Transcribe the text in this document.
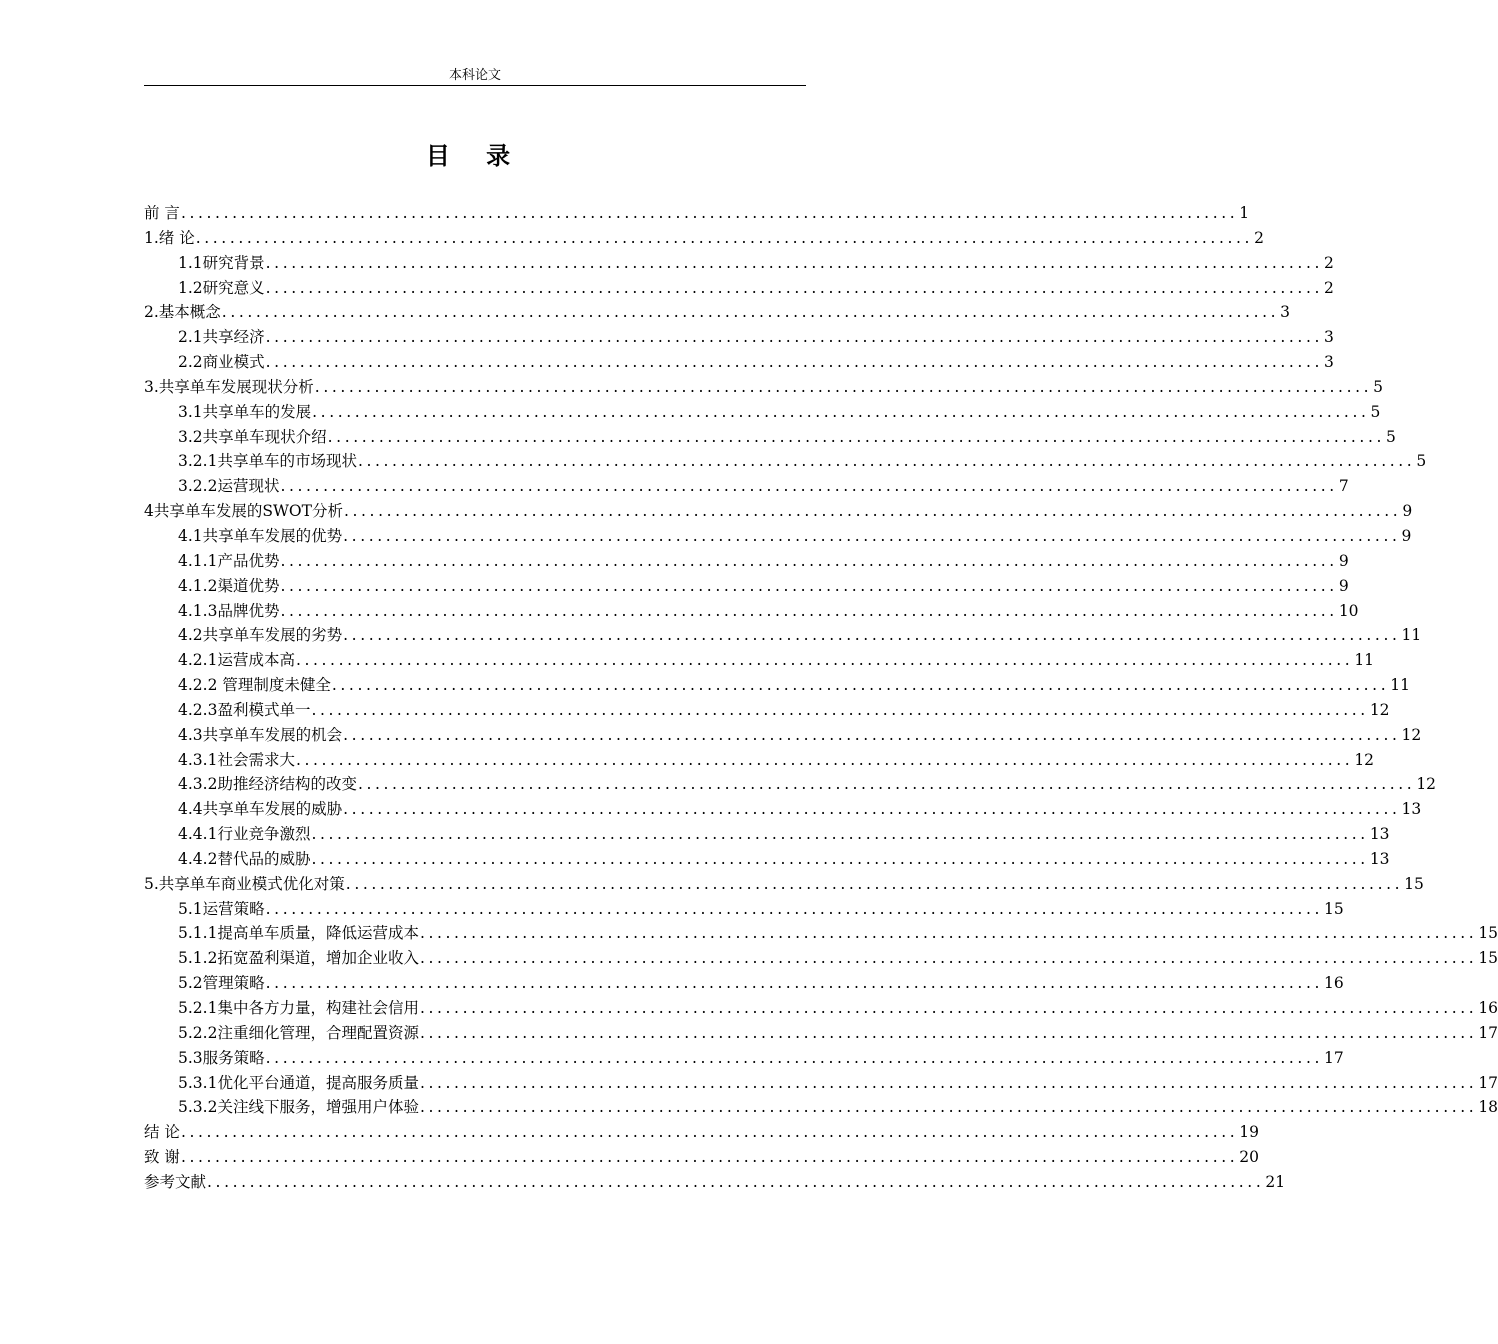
本科论文
目 录
前 言 ............................................................................................................................ 1
1.绪 论 ............................................................................................................................ 2
1.1研究背景 ............................................................................................................................ 2
1.2研究意义 ............................................................................................................................ 2
2.基本概念 ............................................................................................................................ 3
2.1共享经济 ............................................................................................................................ 3
2.2商业模式 ............................................................................................................................ 3
3.共享单车发展现状分析 ............................................................................................................................ 5
3.1共享单车的发展 ............................................................................................................................ 5
3.2共享单车现状介绍 ............................................................................................................................ 5
3.2.1共享单车的市场现状 ............................................................................................................................ 5
3.2.2运营现状 ............................................................................................................................ 7
4共享单车发展的SWOT分析 ............................................................................................................................ 9
4.1共享单车发展的优势 ............................................................................................................................ 9
4.1.1产品优势 ............................................................................................................................ 9
4.1.2渠道优势 ............................................................................................................................ 9
4.1.3品牌优势 ............................................................................................................................ 10
4.2共享单车发展的劣势 ............................................................................................................................ 11
4.2.1运营成本高 ............................................................................................................................ 11
4.2.2 管理制度未健全 ............................................................................................................................ 11
4.2.3盈利模式单一 ............................................................................................................................ 12
4.3共享单车发展的机会 ............................................................................................................................ 12
4.3.1社会需求大 ............................................................................................................................ 12
4.3.2助推经济结构的改变 ............................................................................................................................ 12
4.4共享单车发展的威胁 ............................................................................................................................ 13
4.4.1行业竞争激烈 ............................................................................................................................ 13
4.4.2替代品的威胁 ............................................................................................................................ 13
5.共享单车商业模式优化对策 ............................................................................................................................ 15
5.1运营策略 ............................................................................................................................ 15
5.1.1提高单车质量，降低运营成本 ............................................................................................................................ 15
5.1.2拓宽盈利渠道，增加企业收入 ............................................................................................................................ 15
5.2管理策略 ............................................................................................................................ 16
5.2.1集中各方力量，构建社会信用 ............................................................................................................................ 16
5.2.2注重细化管理，合理配置资源 ............................................................................................................................ 17
5.3服务策略 ............................................................................................................................ 17
5.3.1优化平台通道，提高服务质量 ............................................................................................................................ 17
5.3.2关注线下服务，增强用户体验 ............................................................................................................................ 18
结 论 ............................................................................................................................ 19
致 谢 ............................................................................................................................ 20
参考文献 ............................................................................................................................ 21
